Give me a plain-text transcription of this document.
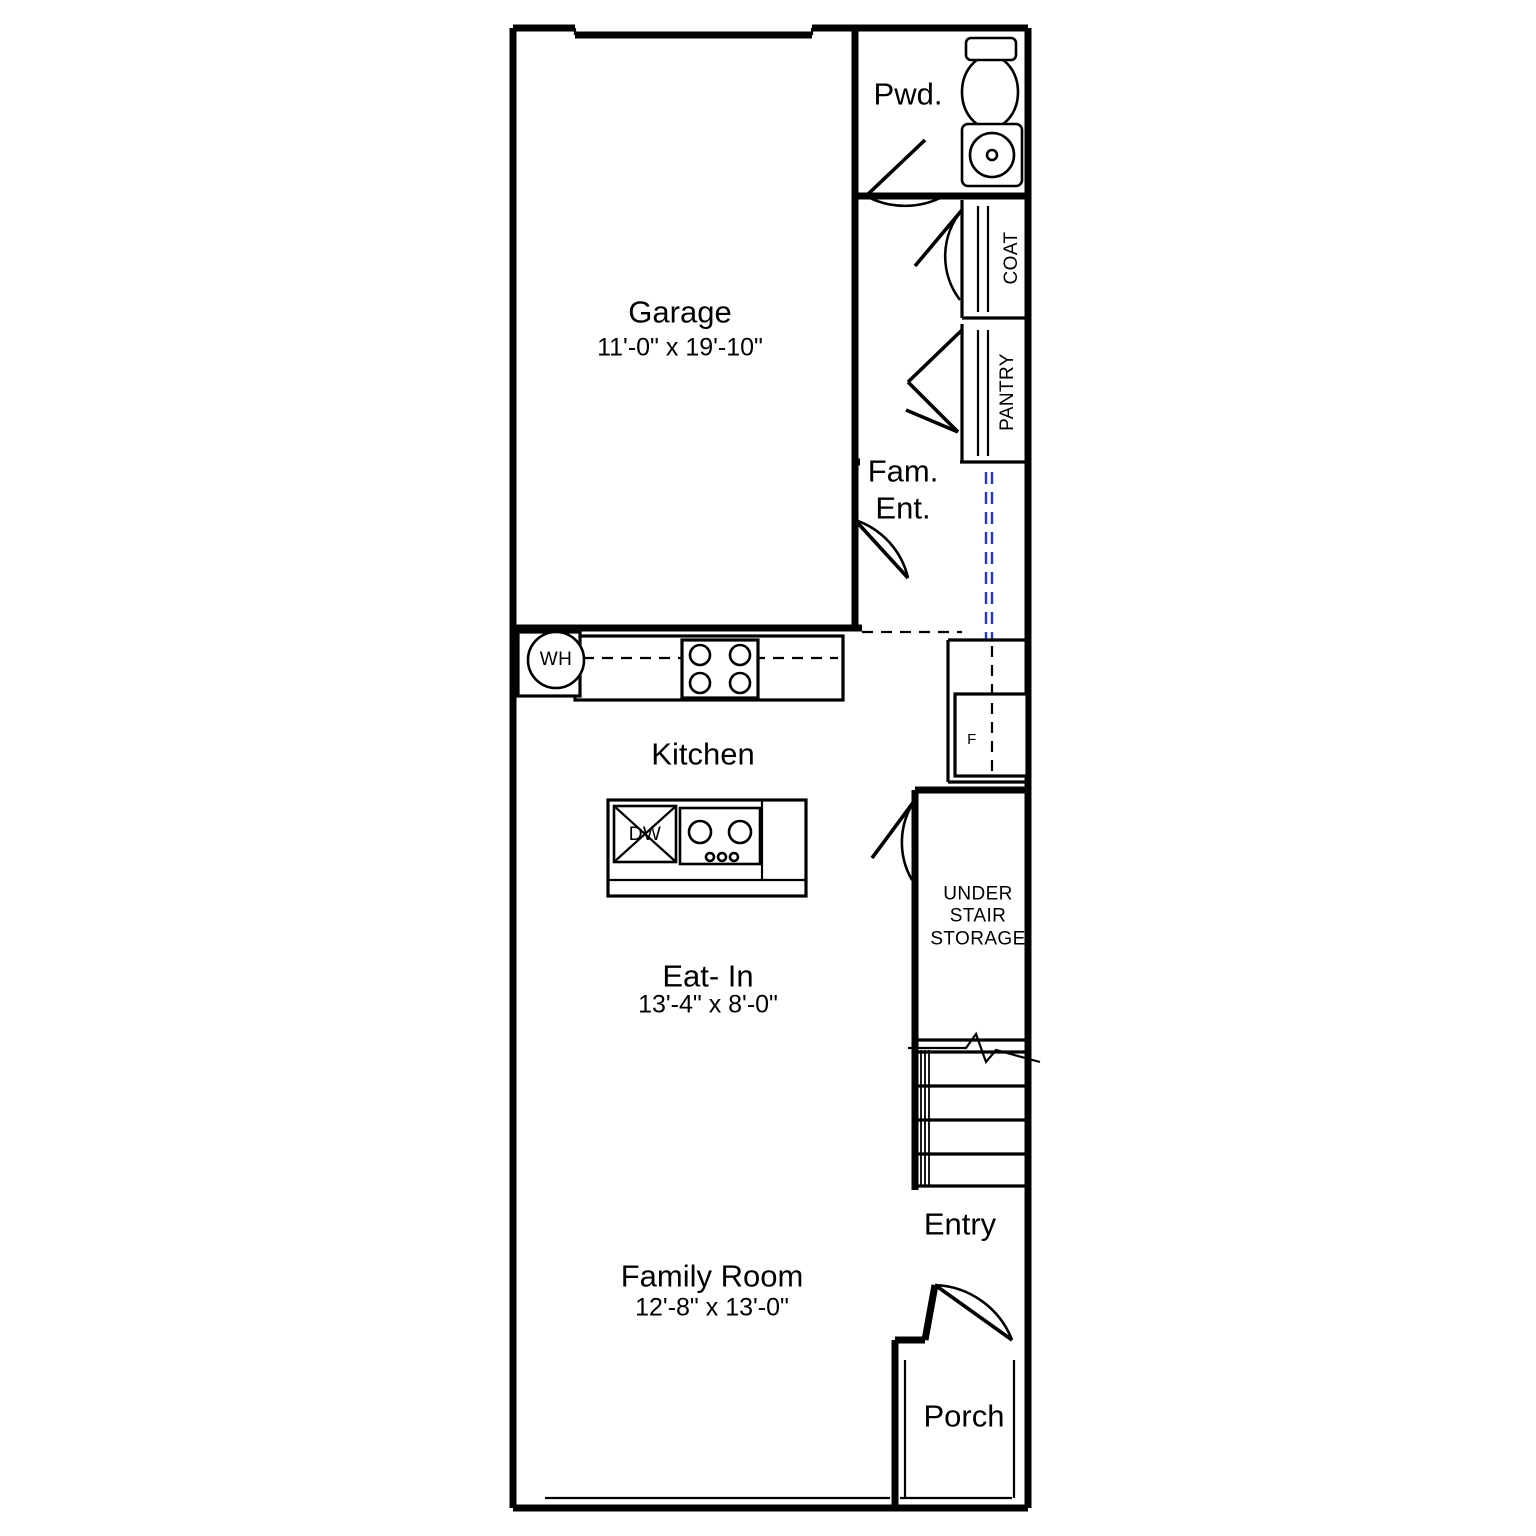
Garage
11'-0" x 19'-10"
Pwd.
COAT
PANTRY
Fam.
Ent.
Kitchen
Eat- In
13'-4" x 8'-0"
Family Room
12'-8" x 13'-0"
Entry
Porch
UNDER
STAIR
STORAGE
WH
DW
F
